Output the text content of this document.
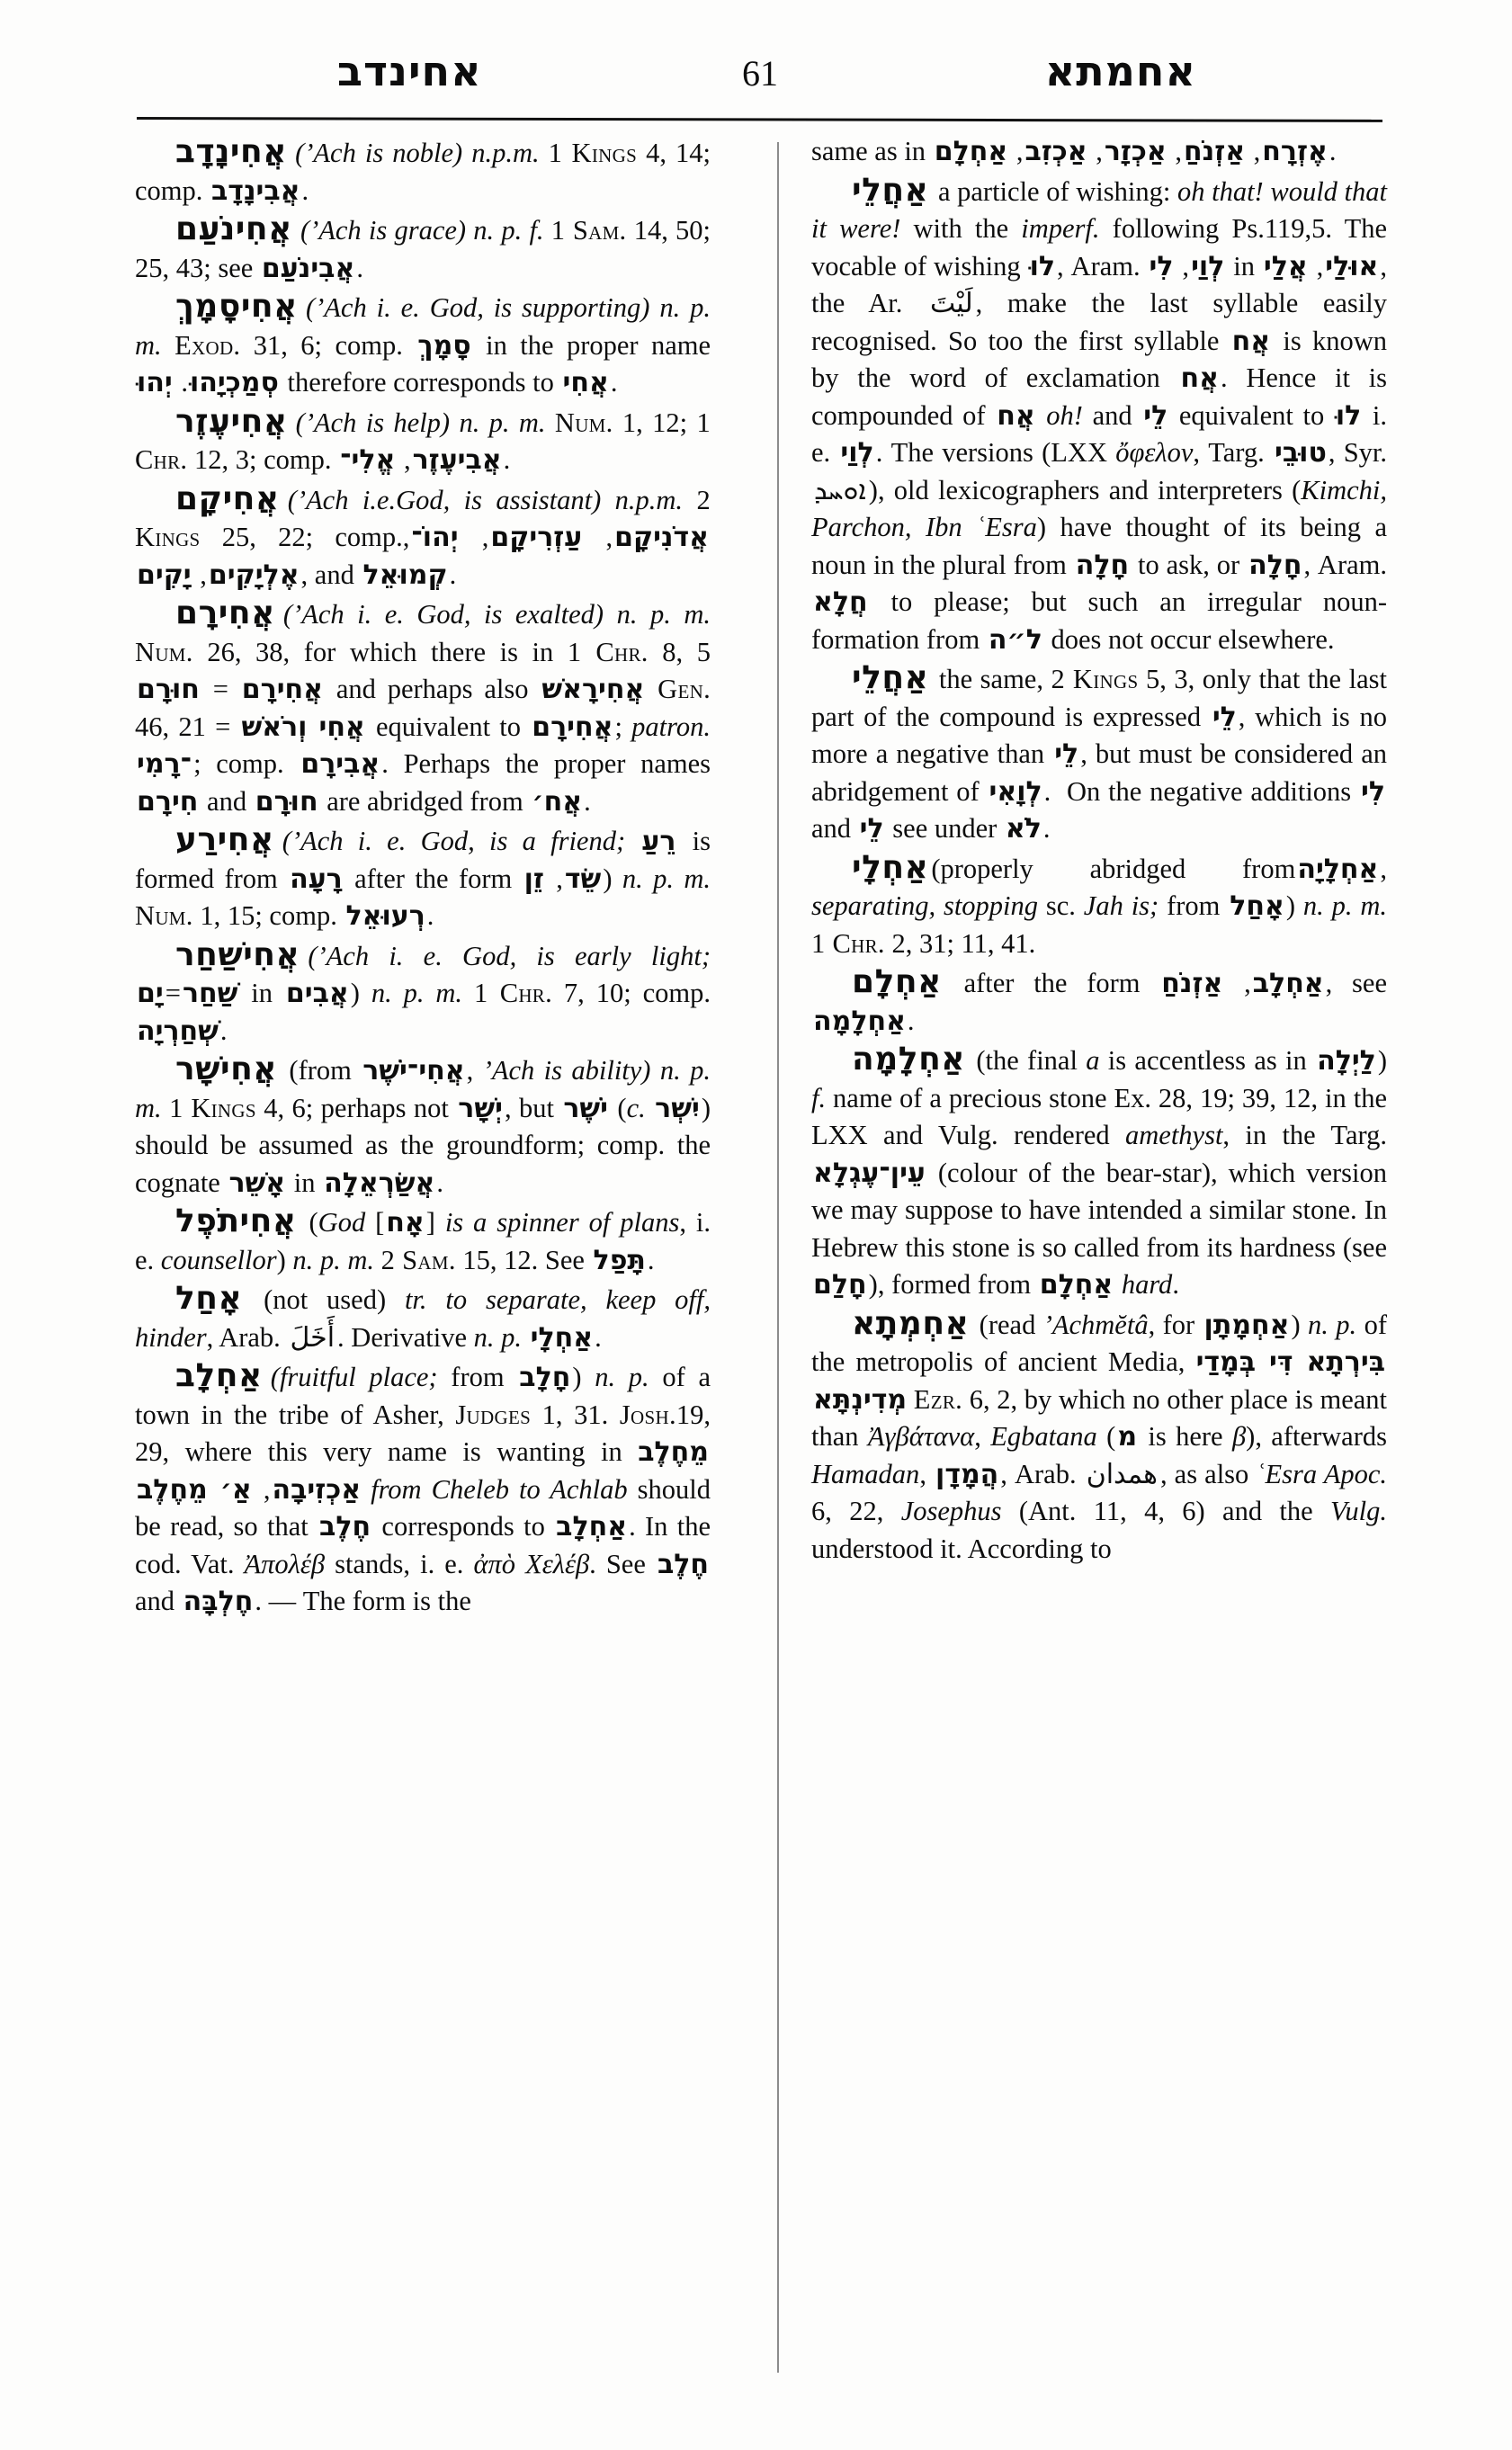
אחינדב	61	אחמתא

אֲחִינָדָב (’Ach is noble) n.p.m. 1 Kings 4, 14; comp. אֲבִינָדָב.

אֲחִינֹעַם (’Ach is grace) n. p. f. 1 Sam. 14, 50; 25, 43; see אֲבִינֹעַם.

אֲחִיסָמָךְ (’Ach i. e. God, is supporting) n. p. m. Exod. 31, 6; comp. סָמָךְ in the proper name סְמַכְיָהוּ. יְהוּ	therefore corresponds to אֲחִי.

אֲחִיעֶזֶר (’Ach is help) n. p. m. Num. 1, 12; 1 Chr. 12, 3; comp.	אֲבִיעֶזֶר, אֱלִי־	.

אֲחִיקָם (’Ach i.e.God, is assistant) n.p.m. 2 Kings 25, 22; comp.	אֲדֹנִיקָם, עַזְרִיקָם, יְהוֹ־, אֶלְיָקִים, יָקִים	, and קְמוּאֵל.

אֲחִירָם (’Ach i. e. God, is exalted) n. p. m. Num. 26, 38, for which there is in 1 Chr. 8, 5 אֲחִירָם = חוּרָם	and perhaps also אֲחִירָאשׁ Gen. 46, 21 = אֲחִי וְרֹאשׁ equivalent to אֲחִירָם; patron. ־רָמִי; comp. אֲבִירָם. Perhaps the proper names חִירָם and חוּרָם are abridged from אֲח׳.

אֲחִירַע (’Ach i. e. God, is a friend; רֵעַ is formed from רָעָה after the form שֵׂד, זֵן ) n. p. m. Num. 1, 15; comp. רְעוּאֵל.

אֲחִישַׁחַר (’Ach i. e. God, is early light; שַׁחַר=יָם	in אֲבִים) n. p. m. 1 Chr. 7, 10; comp. שְׁחַרְיָה.

אֲחִישָׁר (from אֲחִי־יֹשֶׁר, ’Ach is ability) n. p. m. 1 Kings 4, 6; perhaps not יְשָׁר, but יֹשֶׁר (c. יִשְׁר) should be assumed as the groundform; comp. the cognate אָשֵׁר in אֲשַׂרְאֵלָה.

אֲחִיתֹפֶל (God [אָח] is a spinner of plans, i. e. counsellor) n. p. m. 2 Sam. 15, 12. See תָּפַל.

אָחַל (not used) tr. to separate, keep off, hinder, Arab. أَخَلَ. Derivative n. p. אַחְלָי.

אַחְלָב (fruitful place; from חָלָב) n. p. of a town in the tribe of Asher, Judges 1, 31. Josh.19, 29, where this very name is wanting in מֵחֶלֶב אַכְזִיבָה, אַ׳ מֵחֶלֶב	from Cheleb to Achlab should be read, so that חֶלֶב corresponds to אַחְלָב. In the cod. Vat. Ἀπολέβ stands, i. e. ἀπὸ Χελέβ. See חֶלֶב and חֶלְבָּה. — The form is the

same as in	אֶזְרָח, אַזְנֹחַ, אַכְזָר, אַכְזִב, אַחְלָם	.

אַחֲלֵי a particle of wishing: oh that! would that it were! with the imperf. following Ps.119,5. The vocable of wishing לוּ, Aram. לְוַי, לִי in אוּלַי, אֲלַי	, the Ar. لَيْتَ, make the last syllable easily recognised. So too the first syllable אֲח is known by the word of exclamation אֲח. Hence it is compounded of אֲח oh! and לֵי equivalent to לוּ i. e. לְוַי. The versions (LXX ὄφελον, Targ. טוּבֵי, Syr. ܐܘܚܕ), old lexicographers and interpreters (Kimchi, Parchon, Ibn ʿEsra) have thought of its being a noun in the plural from חָלָה to ask, or חָלָה, Aram. חֲלָא to please; but such an irregular noun-formation from ל״ה does not occur elsewhere.

אַחֲלֵי the same, 2 Kings 5, 3, only that the last part of the compound is expressed לֵי, which is no more a negative than לֵי, but must be considered an abridgement of לְוָאִי.  On the negative additions לִי and לֵי see under לֹא.

אַחְלָי(properly abridged fromאַחְלָיָה, separating, stopping sc. Jah is; from אָחַל) n. p. m. 1 Chr. 2, 31; 11, 41.

אַחְלָם after the form	אַחְלָב, אַזְנֹחַ	, see אַחְלָמָה.

אַחְלָמָה (the final a is accentless as in לַיְלָה) f. name of a precious stone Ex. 28, 19; 39, 12, in the LXX and Vulg. rendered amethyst, in the Targ. עֵין־עֶגְלָא (colour of the bear-star), which version we may suppose to have intended a similar stone. In Hebrew this stone is so called from its hardness (see חָלַם), formed from אַחְלָם hard.

אַחְמְתָא (read ’Achmĕtâ, for אַחְמָתָן) n. p. of the metropolis of ancient Media, בִּירְתָא דִּי בְּמָדַי מְדִינְתָּא Ezr. 6, 2, by which no other place is meant than Ἀγβάτανα, Egbatana (מ is here β), afterwards Hamadan, הֲמָדָן, Arab. همدان, as also ʿEsra Apoc. 6, 22, Josephus (Ant. 11, 4, 6) and the Vulg. understood it. According to
